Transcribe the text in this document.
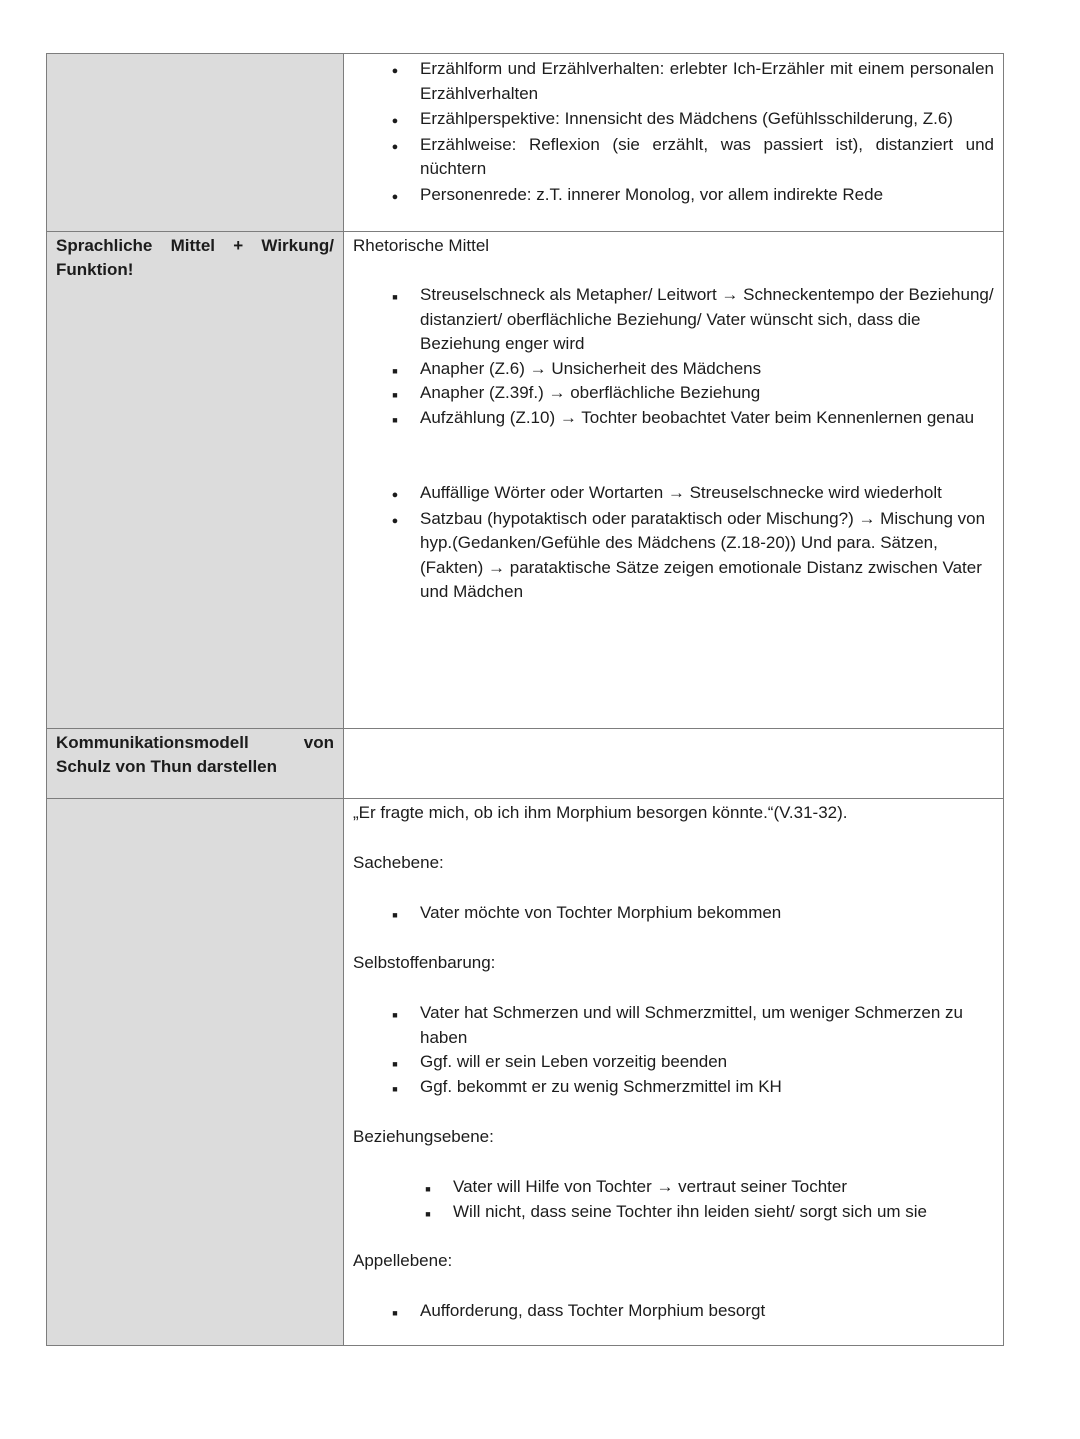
●
Erzählform und Erzählverhalten: erlebter Ich-Erzähler mit einem personalen Erzählverhalten
●
Erzählperspektive: Innensicht des Mädchens (Gefühlsschilderung, Z.6)
●
Erzählweise: Reflexion (sie erzählt, was passiert ist), distanziert und nüchtern
●
Personenrede: z.T. innerer Monolog, vor allem indirekte Rede
Sprachliche Mittel + Wirkung/ Funktion!
Rhetorische Mittel
■
Streuselschneck als Metapher/ Leitwort → Schneckentempo der Beziehung/ distanziert/ oberflächliche Beziehung/ Vater wünscht sich, dass die Beziehung enger wird
■
Anapher (Z.6) → Unsicherheit des Mädchens
■
Anapher (Z.39f.) → oberflächliche Beziehung
■
Aufzählung (Z.10) → Tochter beobachtet Vater beim Kennenlernen genau
●
Auffällige Wörter oder Wortarten → Streuselschnecke wird wiederholt
●
Satzbau (hypotaktisch oder parataktisch oder Mischung?) → Mischung von hyp.(Gedanken/Gefühle des Mädchens (Z.18-20)) Und para. Sätzen, (Fakten) → parataktische Sätze zeigen emotionale Distanz zwischen Vater und Mädchen
Kommunikationsmodell von Schulz von Thun darstellen
„Er fragte mich, ob ich ihm Morphium besorgen könnte.“(V.31-32).
Sachebene:
■
Vater möchte von Tochter Morphium bekommen
Selbstoffenbarung:
■
Vater hat Schmerzen und will Schmerzmittel, um weniger Schmerzen zu haben
■
Ggf. will er sein Leben vorzeitig beenden
■
Ggf. bekommt er zu wenig Schmerzmittel im KH
Beziehungsebene:
■
Vater will Hilfe von Tochter → vertraut seiner Tochter
■
Will nicht, dass seine Tochter ihn leiden sieht/ sorgt sich um sie
Appellebene:
■
Aufforderung, dass Tochter Morphium besorgt
